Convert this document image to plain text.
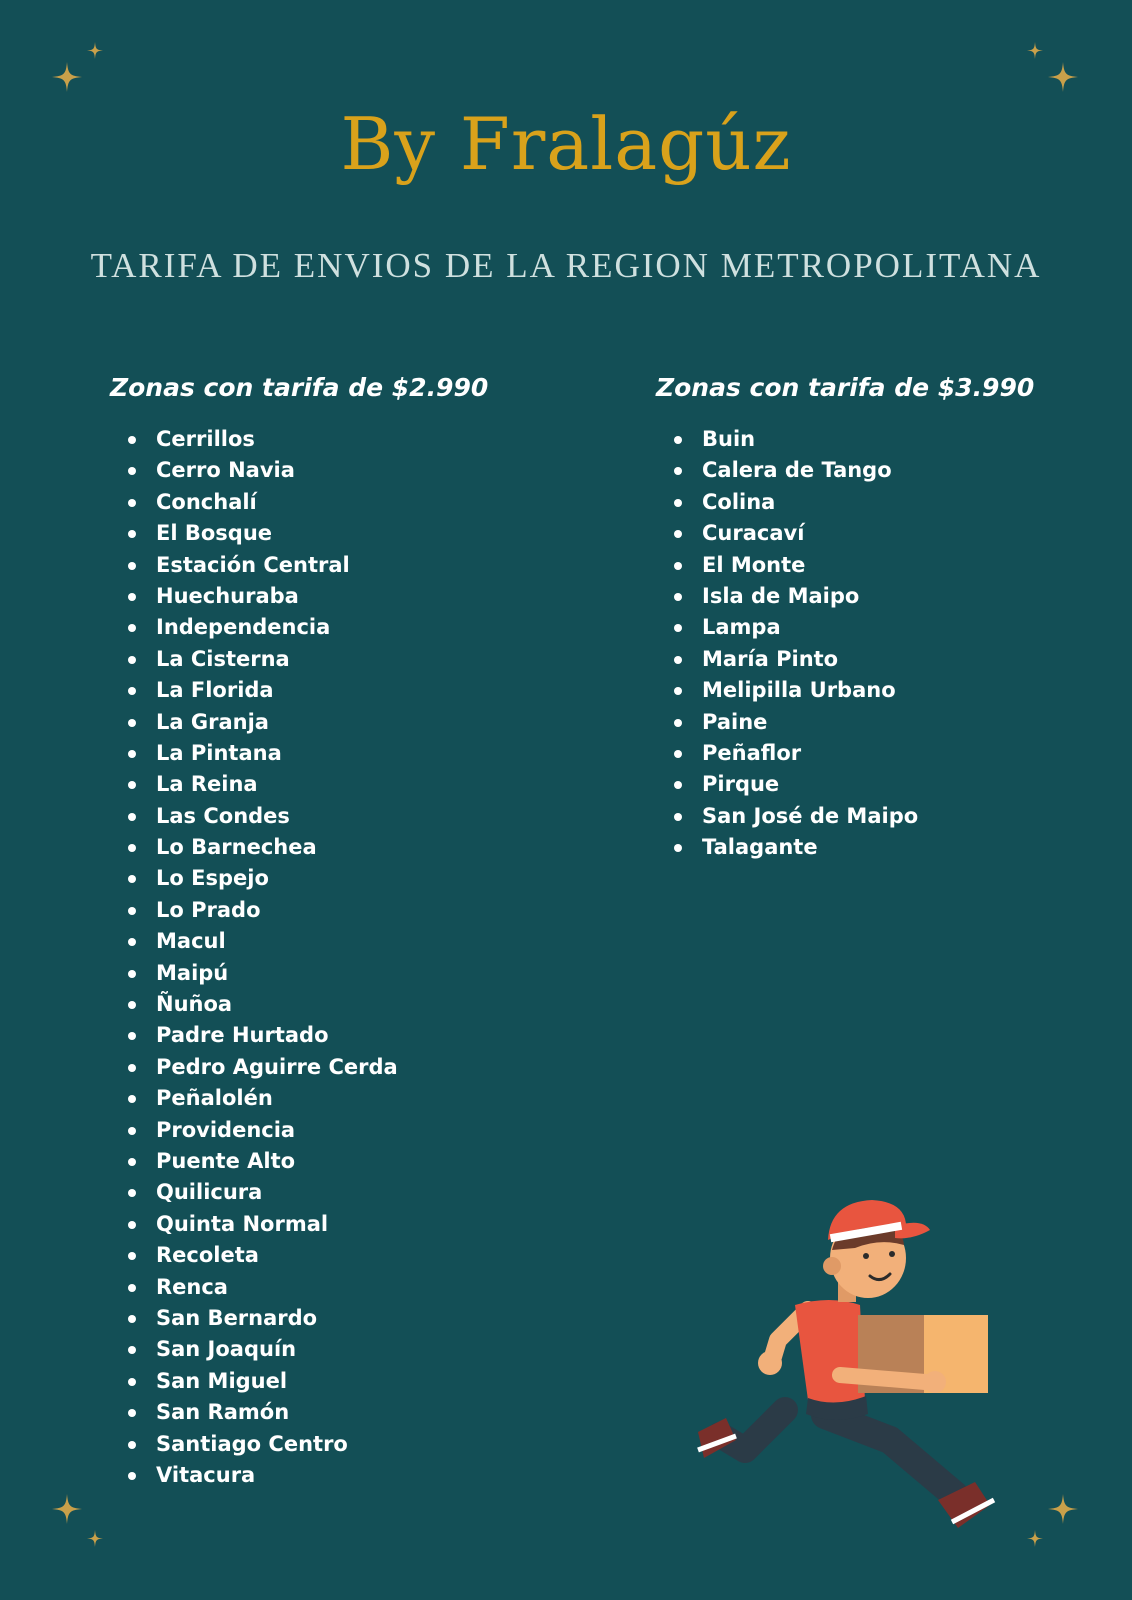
By Fralagúz
TARIFA DE ENVIOS DE LA REGION METROPOLITANA
Zonas con tarifa de $2.990
Cerrillos
Cerro Navia
Conchalí
El Bosque
Estación Central
Huechuraba
Independencia
La Cisterna
La Florida
La Granja
La Pintana
La Reina
Las Condes
Lo Barnechea
Lo Espejo
Lo Prado
Macul
Maipú
Ñuñoa
Padre Hurtado
Pedro Aguirre Cerda
Peñalolén
Providencia
Puente Alto
Quilicura
Quinta Normal
Recoleta
Renca
San Bernardo
San Joaquín
San Miguel
San Ramón
Santiago Centro
Vitacura
Zonas con tarifa de $3.990
Buin
Calera de Tango
Colina
Curacaví
El Monte
Isla de Maipo
Lampa
María Pinto
Melipilla Urbano
Paine
Peñaflor
Pirque
San José de Maipo
Talagante
